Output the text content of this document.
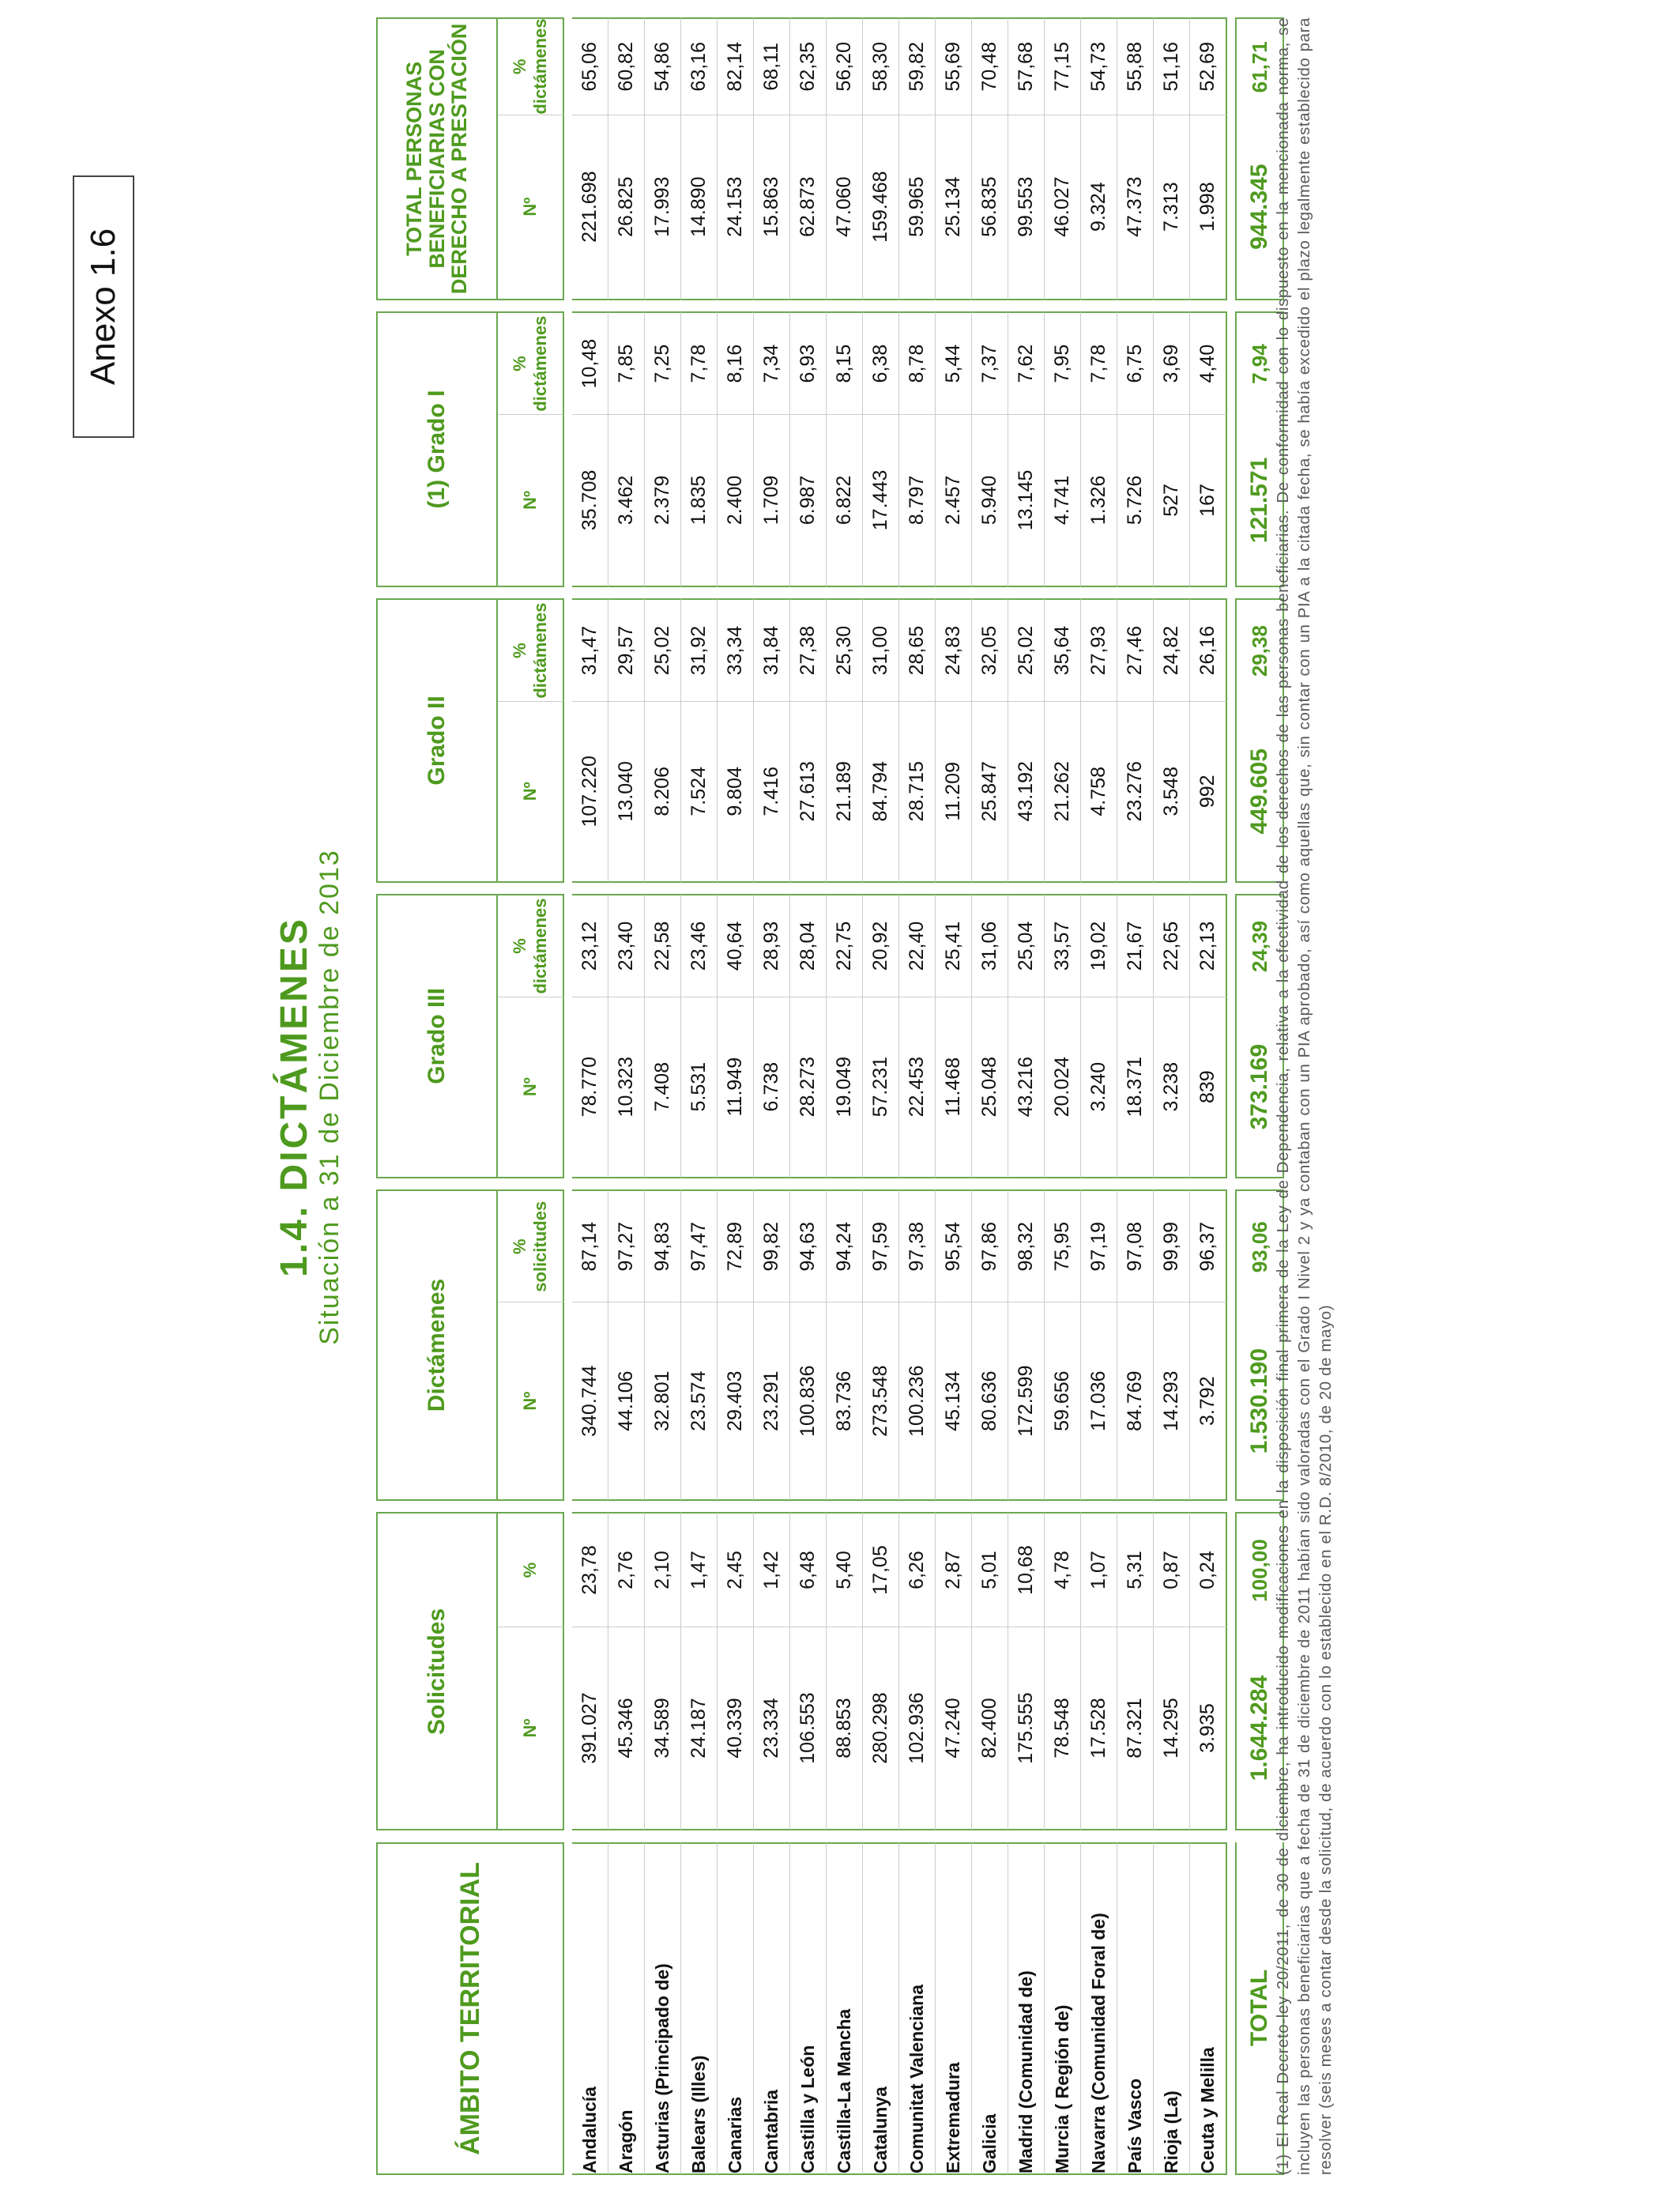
Anexo 1.6
1.4. DICTÁMENES Situación a 31 de Diciembre de 2013
ÁMBITO TERRITORIAL		Solicitudes			Dictámenes			Grado III			Grado II			(1) Grado I			TOTAL PERSONAS BENEFICIARIAS CON DERECHO A PRESTACIÓN	
		Nº	%		Nº	% solicitudes		Nº	% dictámenes		Nº	% dictámenes		Nº	% dictámenes		Nº	% dictámenes

Andalucía		391.027	23,78		340.744	87,14		78.770	23,12		107.220	31,47		35.708	10,48		221.698	65,06
Aragón		45.346	2,76		44.106	97,27		10.323	23,40		13.040	29,57		3.462	7,85		26.825	60,82
Asturias (Principado de)		34.589	2,10		32.801	94,83		7.408	22,58		8.206	25,02		2.379	7,25		17.993	54,86
Balears (Illes)		24.187	1,47		23.574	97,47		5.531	23,46		7.524	31,92		1.835	7,78		14.890	63,16
Canarias		40.339	2,45		29.403	72,89		11.949	40,64		9.804	33,34		2.400	8,16		24.153	82,14
Cantabria		23.334	1,42		23.291	99,82		6.738	28,93		7.416	31,84		1.709	7,34		15.863	68,11
Castilla y León		106.553	6,48		100.836	94,63		28.273	28,04		27.613	27,38		6.987	6,93		62.873	62,35
Castilla-La Mancha		88.853	5,40		83.736	94,24		19.049	22,75		21.189	25,30		6.822	8,15		47.060	56,20
Catalunya		280.298	17,05		273.548	97,59		57.231	20,92		84.794	31,00		17.443	6,38		159.468	58,30
Comunitat Valenciana		102.936	6,26		100.236	97,38		22.453	22,40		28.715	28,65		8.797	8,78		59.965	59,82
Extremadura		47.240	2,87		45.134	95,54		11.468	25,41		11.209	24,83		2.457	5,44		25.134	55,69
Galicia		82.400	5,01		80.636	97,86		25.048	31,06		25.847	32,05		5.940	7,37		56.835	70,48
Madrid (Comunidad de)		175.555	10,68		172.599	98,32		43.216	25,04		43.192	25,02		13.145	7,62		99.553	57,68
Murcia ( Región de)		78.548	4,78		59.656	75,95		20.024	33,57		21.262	35,64		4.741	7,95		46.027	77,15
Navarra (Comunidad Foral de)		17.528	1,07		17.036	97,19		3.240	19,02		4.758	27,93		1.326	7,78		9.324	54,73
País Vasco		87.321	5,31		84.769	97,08		18.371	21,67		23.276	27,46		5.726	6,75		47.373	55,88
Rioja (La)		14.295	0,87		14.293	99,99		3.238	22,65		3.548	24,82		527	3,69		7.313	51,16
Ceuta y Melilla		3.935	0,24		3.792	96,37		839	22,13		992	26,16		167	4,40		1.998	52,69

TOTAL		1.644.284	100,00		1.530.190	93,06		373.169	24,39		449.605	29,38		121.571	7,94		944.345	61,71 (1) El Real Decreto-ley 20/2011, de 30 de diciembre, ha introducido modificaciones en la disposición final primera de la Ley de Dependencia, relativa a la efectividad de los derechos de las personas beneficiarias. De conformidad con lo dispuesto en la mencionada norma, se incluyen las personas beneficiarias que a fecha de 31 de diciembre de 2011 habían sido valoradas con el Grado I Nivel 2 y ya contaban con un PIA aprobado, así como aquellas que, sin contar con un PIA a la citada fecha, se había excedido el plazo legalmente establecido para resolver (seis meses a contar desde la solicitud, de acuerdo con lo establecido en el R.D. 8/2010, de 20 de mayo)
